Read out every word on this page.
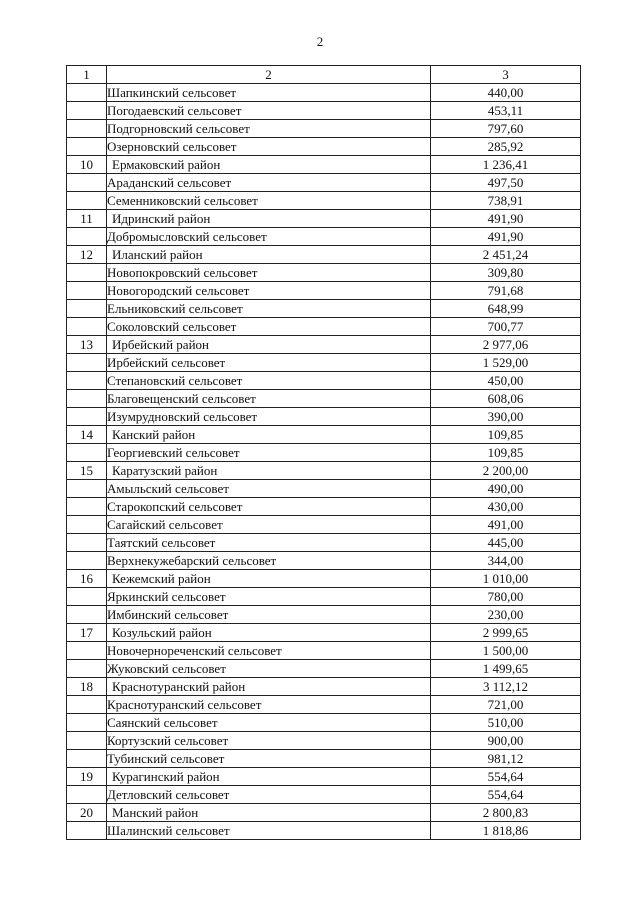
2
1	2	3
	Шапкинский сельсовет	440,00
	Погодаевский сельсовет	453,11
	Подгорновский сельсовет	797,60
	Озерновский сельсовет	285,92
10	Ермаковский район	1 236,41
	Араданский сельсовет	497,50
	Семенниковский сельсовет	738,91
11	Идринский район	491,90
	Добромысловский сельсовет	491,90
12	Иланский район	2 451,24
	Новопокровский сельсовет	309,80
	Новогородский сельсовет	791,68
	Ельниковский сельсовет	648,99
	Соколовский сельсовет	700,77
13	Ирбейский район	2 977,06
	Ирбейский сельсовет	1 529,00
	Степановский сельсовет	450,00
	Благовещенский сельсовет	608,06
	Изумрудновский сельсовет	390,00
14	Канский район	109,85
	Георгиевский сельсовет	109,85
15	Каратузский район	2 200,00
	Амыльский сельсовет	490,00
	Старокопский сельсовет	430,00
	Сагайский сельсовет	491,00
	Таятский сельсовет	445,00
	Верхнекужебарский сельсовет	344,00
16	Кежемский район	1 010,00
	Яркинский сельсовет	780,00
	Имбинский сельсовет	230,00
17	Козульский район	2 999,65
	Новочернореченский сельсовет	1 500,00
	Жуковский сельсовет	1 499,65
18	Краснотуранский район	3 112,12
	Краснотуранский сельсовет	721,00
	Саянский сельсовет	510,00
	Кортузский сельсовет	900,00
	Тубинский сельсовет	981,12
19	Курагинский район	554,64
	Детловский сельсовет	554,64
20	Манский район	2 800,83
	Шалинский сельсовет	1 818,86
